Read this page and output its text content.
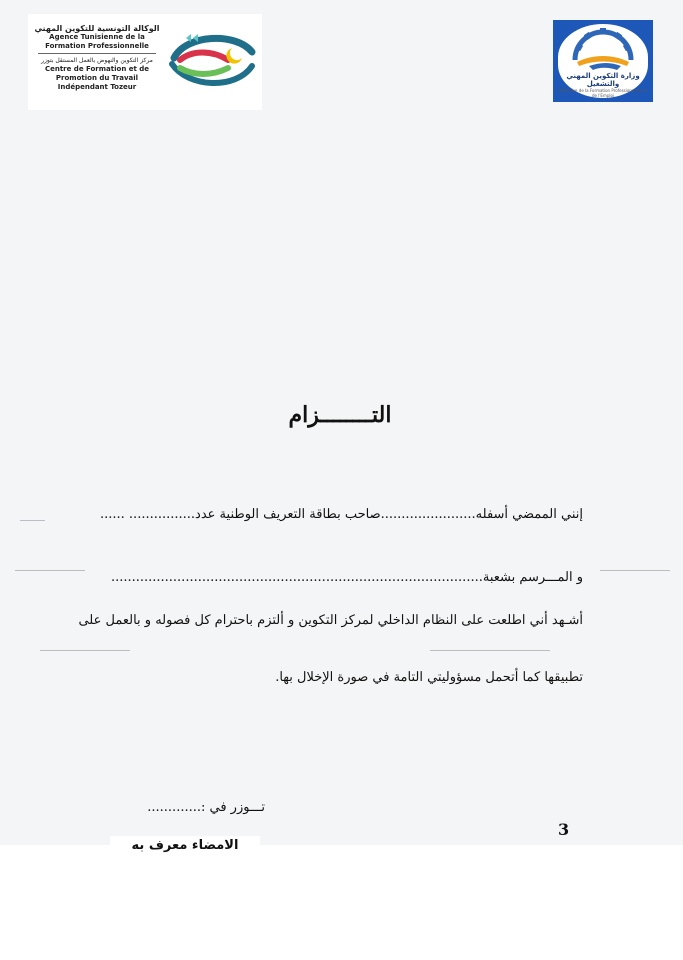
الوكالة التونسية للتكوين المهني
Agence Tunisienne de la Formation Professionnelle
مركز التكوين والنهوض بالعمل المستقل بتوزر
Centre de Formation et de Promotion du Travail Indépendant Tozeur
وزارة التكوين المهني والتشغيل
Ministère de la Formation Professionnelle et de l'Emploi
التــــــــزام
إنني الممضي أسفله.......................صاحب بطاقة التعريف الوطنية عدد................ ......
و المـــرسم بشعبة..........................................................................................
أشـهد أني اطلعت على النظام الداخلي لمركز التكوين و ألتزم باحترام كل فصوله و بالعمل على
تطبيقها كما أتحمل مسؤوليتي التامة في صورة الإخلال بها.
تـــوزر في :.............
3
الامضاء معرف به
